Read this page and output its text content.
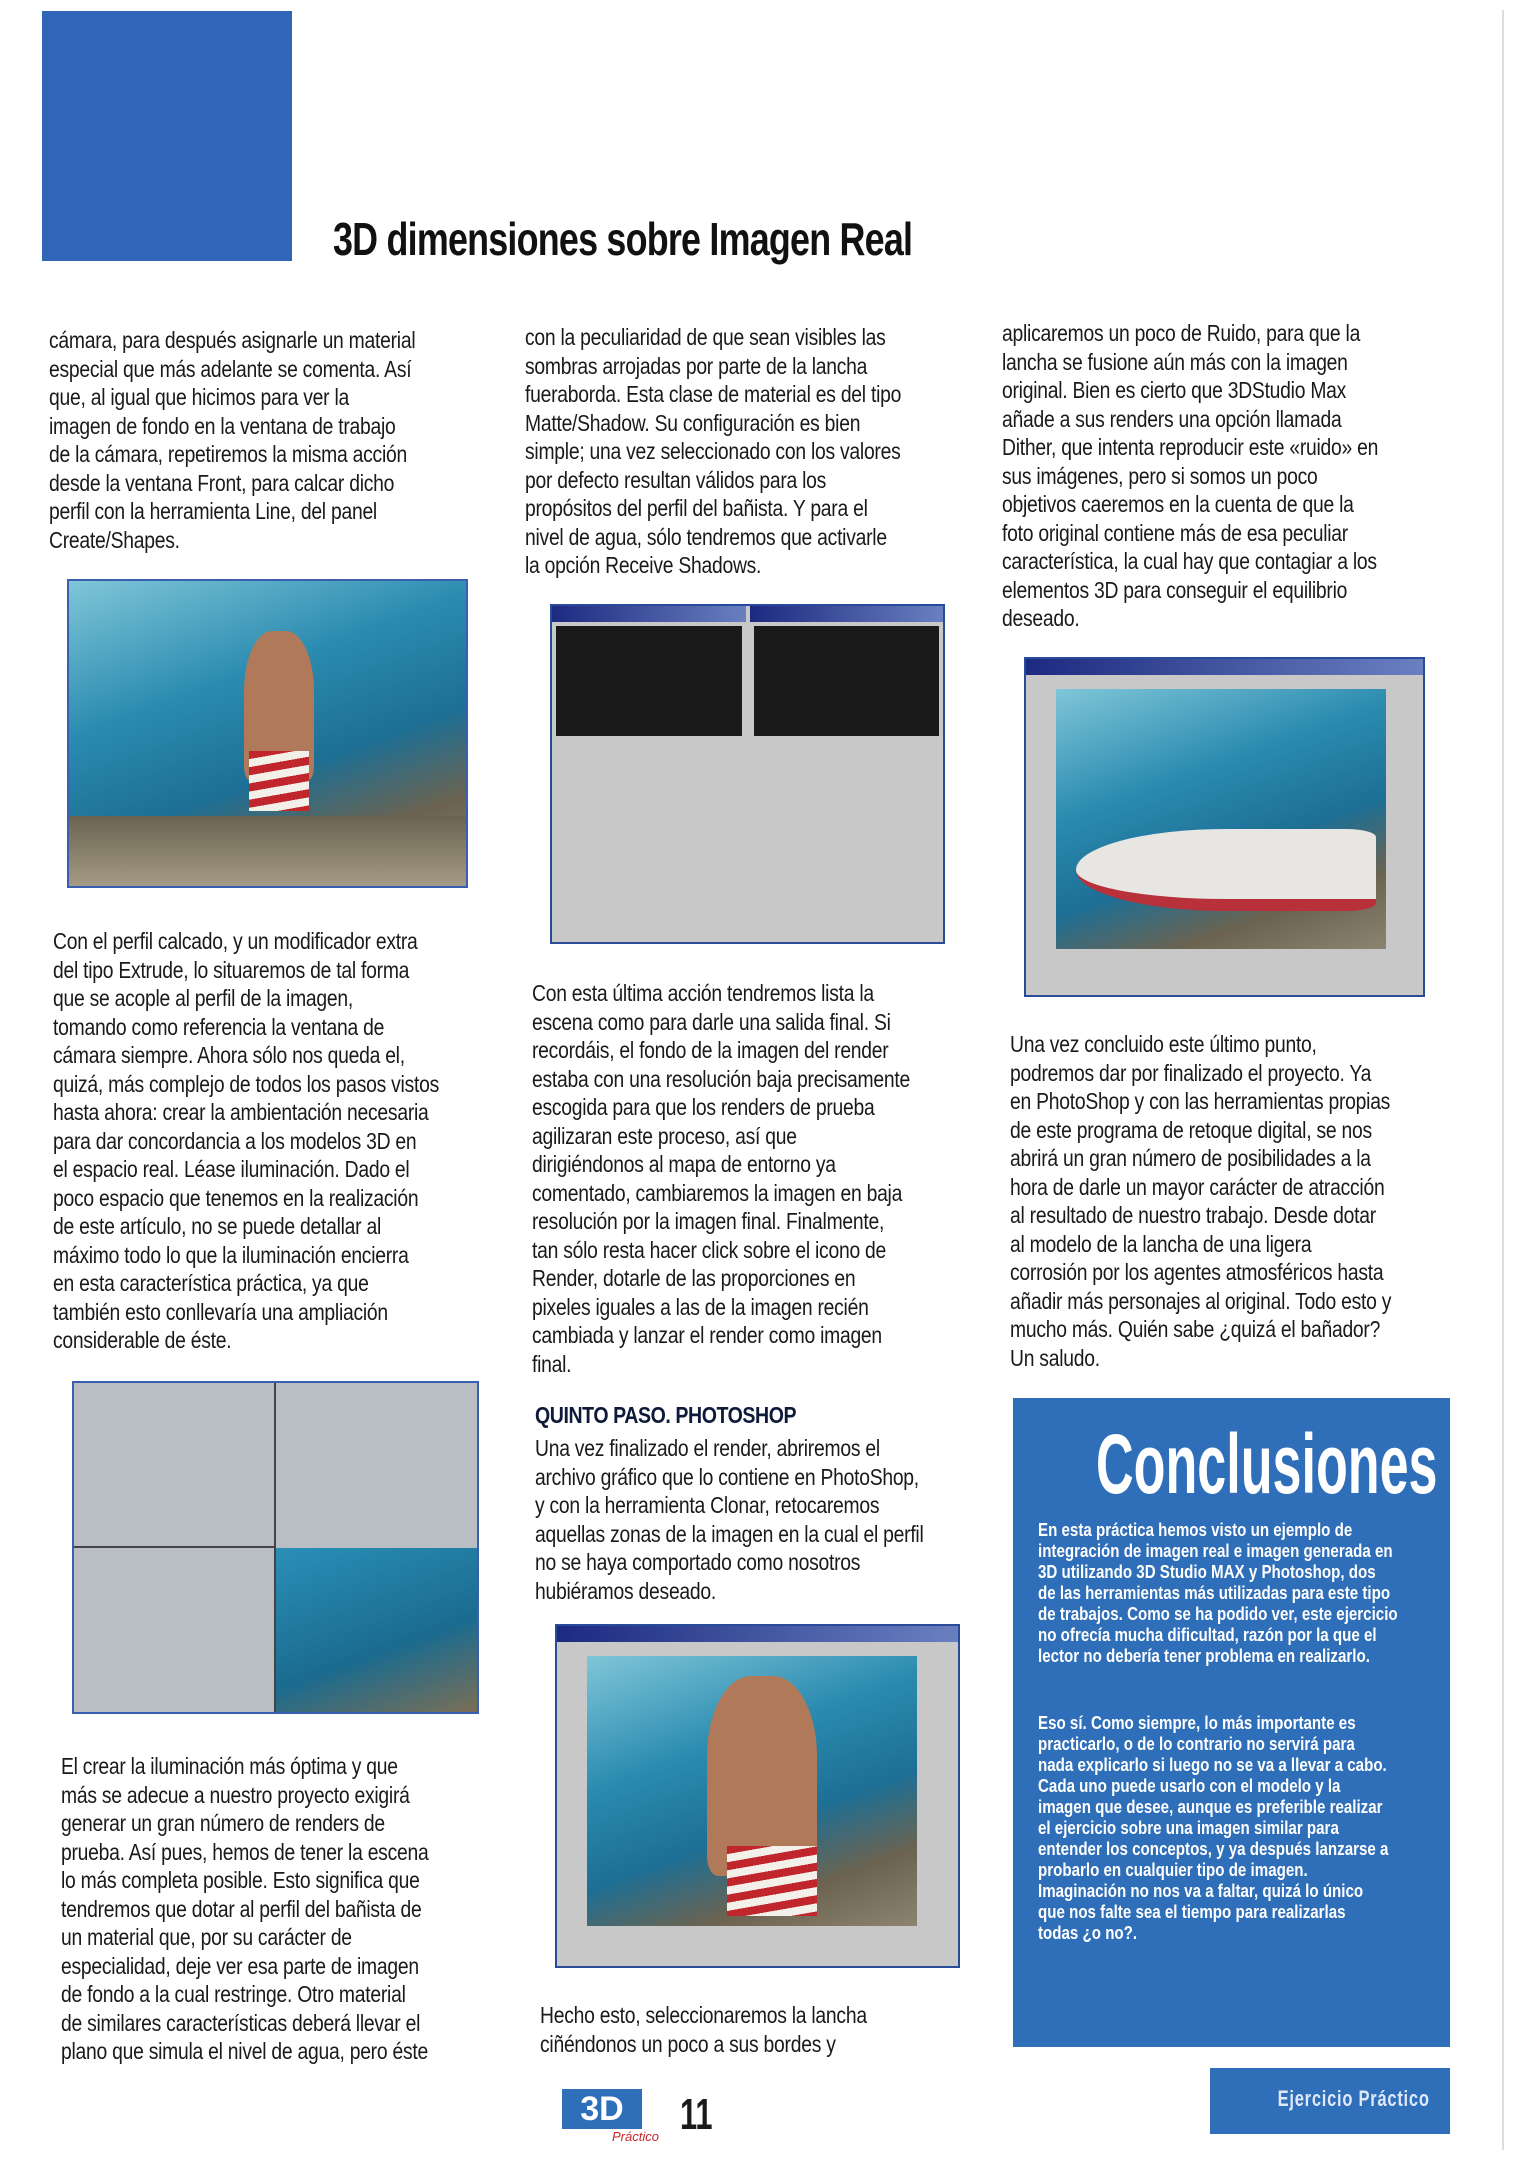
3D dimensiones sobre Imagen Real
cámara, para después asignarle un material
especial que más adelante se comenta. Así
que, al igual que hicimos para ver la
imagen de fondo en la ventana de trabajo
de la cámara, repetiremos la misma acción
desde la ventana Front, para calcar dicho
perfil con la herramienta Line, del panel
Create/Shapes.
Con el perfil calcado, y un modificador extra
del tipo Extrude, lo situaremos de tal forma
que se acople al perfil de la imagen,
tomando como referencia la ventana de
cámara siempre. Ahora sólo nos queda el,
quizá, más complejo de todos los pasos vistos
hasta ahora: crear la ambientación necesaria
para dar concordancia a los modelos 3D en
el espacio real. Léase iluminación. Dado el
poco espacio que tenemos en la realización
de este artículo, no se puede detallar al
máximo todo lo que la iluminación encierra
en esta característica práctica, ya que
también esto conllevaría una ampliación
considerable de éste.
El crear la iluminación más óptima y que
más se adecue a nuestro proyecto exigirá
generar un gran número de renders de
prueba. Así pues, hemos de tener la escena
lo más completa posible. Esto significa que
tendremos que dotar al perfil del bañista de
un material que, por su carácter de
especialidad, deje ver esa parte de imagen
de fondo a la cual restringe. Otro material
de similares características deberá llevar el
plano que simula el nivel de agua, pero éste
con la peculiaridad de que sean visibles las
sombras arrojadas por parte de la lancha
fueraborda. Esta clase de material es del tipo
Matte/Shadow. Su configuración es bien
simple; una vez seleccionado con los valores
por defecto resultan válidos para los
propósitos del perfil del bañista. Y para el
nivel de agua, sólo tendremos que activarle
la opción Receive Shadows.
Con esta última acción tendremos lista la
escena como para darle una salida final. Si
recordáis, el fondo de la imagen del render
estaba con una resolución baja precisamente
escogida para que los renders de prueba
agilizaran este proceso, así que
dirigiéndonos al mapa de entorno ya
comentado, cambiaremos la imagen en baja
resolución por la imagen final. Finalmente,
tan sólo resta hacer click sobre el icono de
Render, dotarle de las proporciones en
pixeles iguales a las de la imagen recién
cambiada y lanzar el render como imagen
final.
QUINTO PASO. PHOTOSHOP
Una vez finalizado el render, abriremos el
archivo gráfico que lo contiene en PhotoShop,
y con la herramienta Clonar, retocaremos
aquellas zonas de la imagen en la cual el perfil
no se haya comportado como nosotros
hubiéramos deseado.
Hecho esto, seleccionaremos la lancha
ciñéndonos un poco a sus bordes y
aplicaremos un poco de Ruido, para que la
lancha se fusione aún más con la imagen
original. Bien es cierto que 3DStudio Max
añade a sus renders una opción llamada
Dither, que intenta reproducir este «ruido» en
sus imágenes, pero si somos un poco
objetivos caeremos en la cuenta de que la
foto original contiene más de esa peculiar
característica, la cual hay que contagiar a los
elementos 3D para conseguir el equilibrio
deseado.
Una vez concluido este último punto,
podremos dar por finalizado el proyecto. Ya
en PhotoShop y con las herramientas propias
de este programa de retoque digital, se nos
abrirá un gran número de posibilidades a la
hora de darle un mayor carácter de atracción
al resultado de nuestro trabajo. Desde dotar
al modelo de la lancha de una ligera
corrosión por los agentes atmosféricos hasta
añadir más personajes al original. Todo esto y
mucho más. Quién sabe ¿quizá el bañador?
Un saludo.
Conclusiones
En esta práctica hemos visto un ejemplo de
integración de imagen real e imagen generada en
3D utilizando 3D Studio MAX y Photoshop, dos
de las herramientas más utilizadas para este tipo
de trabajos. Como se ha podido ver, este ejercicio
no ofrecía mucha dificultad, razón por la que el
lector no debería tener problema en realizarlo.
Eso sí. Como siempre, lo más importante es
practicarlo, o de lo contrario no servirá para
nada explicarlo si luego no se va a llevar a cabo.
Cada uno puede usarlo con el modelo y la
imagen que desee, aunque es preferible realizar
el ejercicio sobre una imagen similar para
entender los conceptos, y ya después lanzarse a
probarlo en cualquier tipo de imagen.
Imaginación no nos va a faltar, quizá lo único
que nos falte sea el tiempo para realizarlas
todas ¿o no?.
3D
Práctico 11	Ejercicio Práctico
